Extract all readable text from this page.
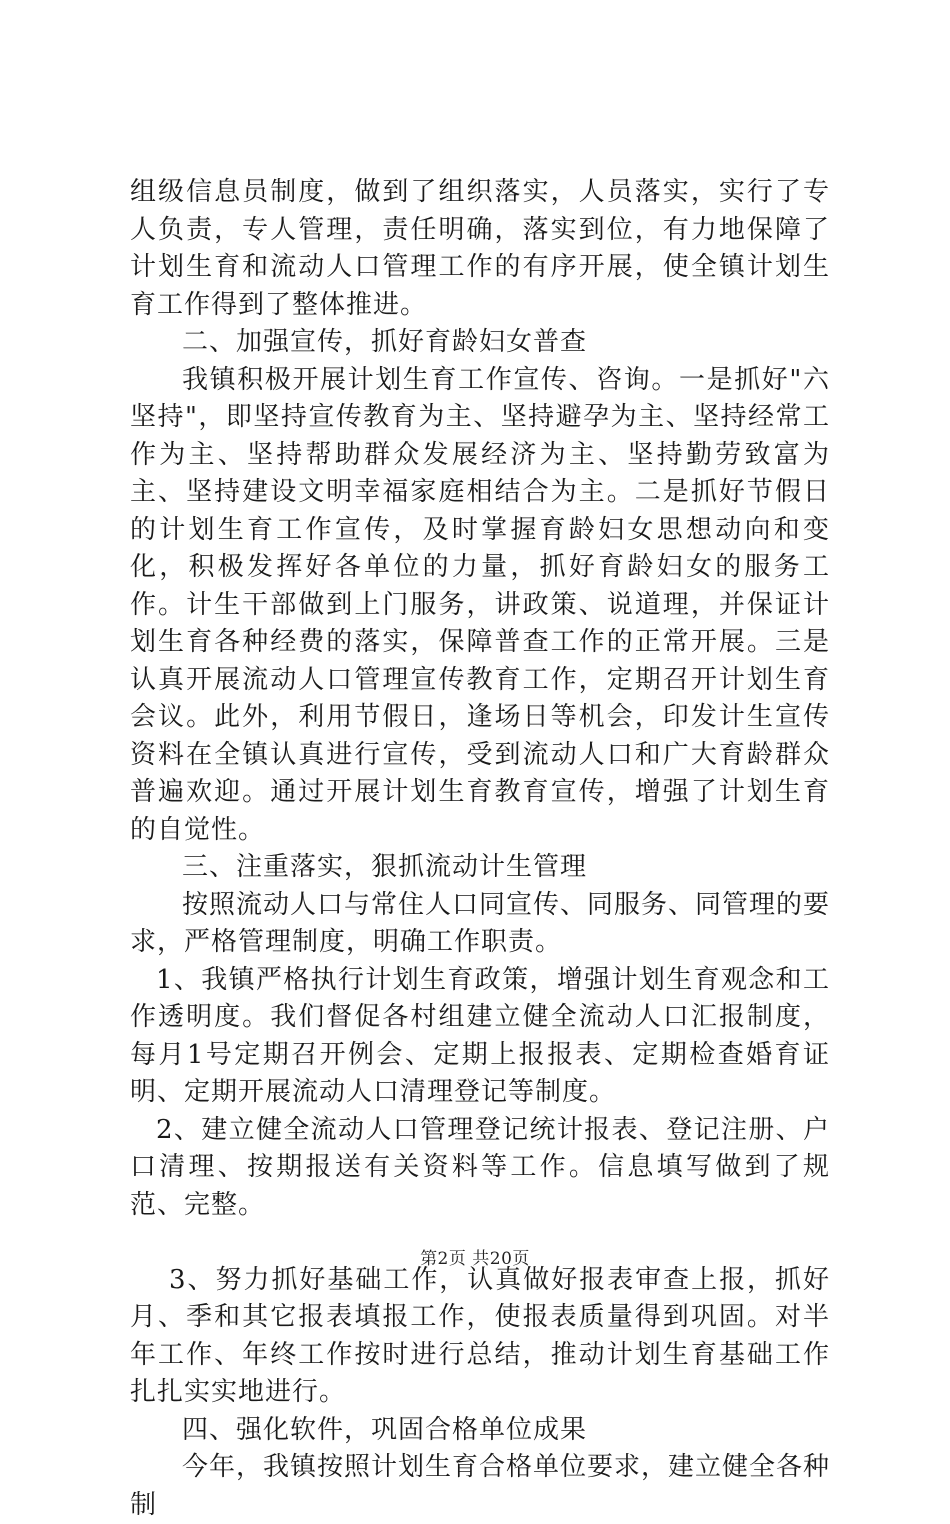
组级信息员制度，做到了组织落实，人员落实，实行了专人负责，专人管理，责任明确，落实到位，有力地保障了计划生育和流动人口管理工作的有序开展，使全镇计划生育工作得到了整体推进。

二、加强宣传，抓好育龄妇女普查

我镇积极开展计划生育工作宣传、咨询。一是抓好"六坚持"，即坚持宣传教育为主、坚持避孕为主、坚持经常工作为主、坚持帮助群众发展经济为主、坚持勤劳致富为主、坚持建设文明幸福家庭相结合为主。二是抓好节假日的计划生育工作宣传，及时掌握育龄妇女思想动向和变化，积极发挥好各单位的力量，抓好育龄妇女的服务工作。计生干部做到上门服务，讲政策、说道理，并保证计划生育各种经费的落实，保障普查工作的正常开展。三是认真开展流动人口管理宣传教育工作，定期召开计划生育会议。此外，利用节假日，逢场日等机会，印发计生宣传资料在全镇认真进行宣传，受到流动人口和广大育龄群众普遍欢迎。通过开展计划生育教育宣传，增强了计划生育的自觉性。

三、注重落实，狠抓流动计生管理

按照流动人口与常住人口同宣传、同服务、同管理的要求，严格管理制度，明确工作职责。

1、我镇严格执行计划生育政策，增强计划生育观念和工作透明度。我们督促各村组建立健全流动人口汇报制度，每月1号定期召开例会、定期上报报表、定期检查婚育证明、定期开展流动人口清理登记等制度。

2、建立健全流动人口管理登记统计报表、登记注册、户口清理、按期报送有关资料等工作。信息填写做到了规范、完整。

3、努力抓好基础工作，认真做好报表审查上报，抓好月、季和其它报表填报工作，使报表质量得到巩固。对半年工作、年终工作按时进行总结，推动计划生育基础工作扎扎实实地进行。

四、强化软件，巩固合格单位成果

今年，我镇按照计划生育合格单位要求，建立健全各种制

第2页 共20页
